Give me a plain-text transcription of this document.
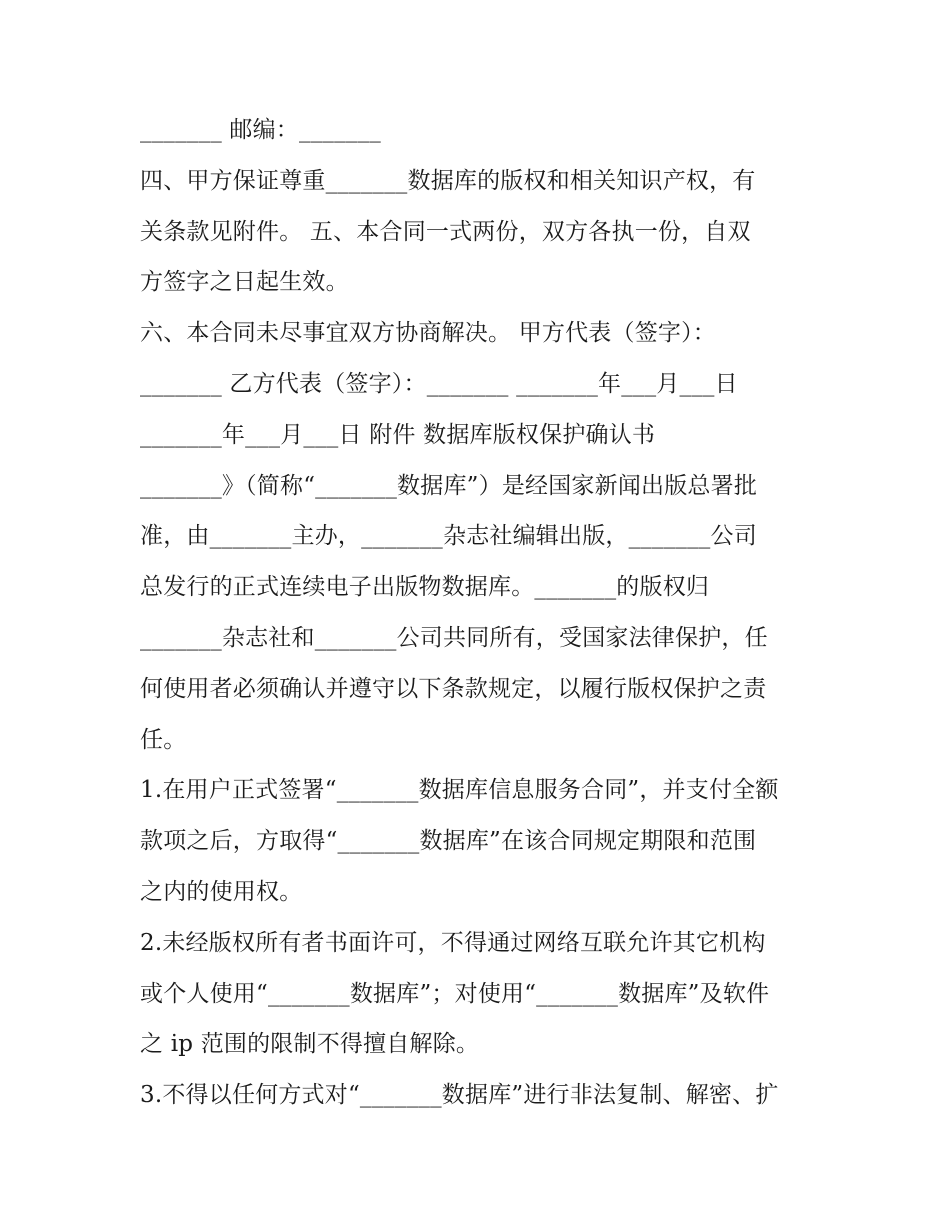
_______ 邮编：_______
四、甲方保证尊重_______数据库的版权和相关知识产权，有
关条款见附件。 五、本合同一式两份，双方各执一份，自双
方签字之日起生效。
六、本合同未尽事宜双方协商解决。 甲方代表（签字）：
_______ 乙方代表（签字）：_______ _______年___月___日
_______年___月___日 附件 数据库版权保护确认书
_______》（简称“_______数据库”）是经国家新闻出版总署批
准，由_______主办，_______杂志社编辑出版，_______公司
总发行的正式连续电子出版物数据库。_______的版权归
_______杂志社和_______公司共同所有，受国家法律保护，任
何使用者必须确认并遵守以下条款规定，以履行版权保护之责
任。
1.在用户正式签署“_______数据库信息服务合同”，并支付全额
款项之后，方取得“_______数据库”在该合同规定期限和范围
之内的使用权。
2.未经版权所有者书面许可，不得通过网络互联允许其它机构
或个人使用“_______数据库”；对使用“_______数据库”及软件
之 ip 范围的限制不得擅自解除。
3.不得以任何方式对“_______数据库”进行非法复制、解密、扩
